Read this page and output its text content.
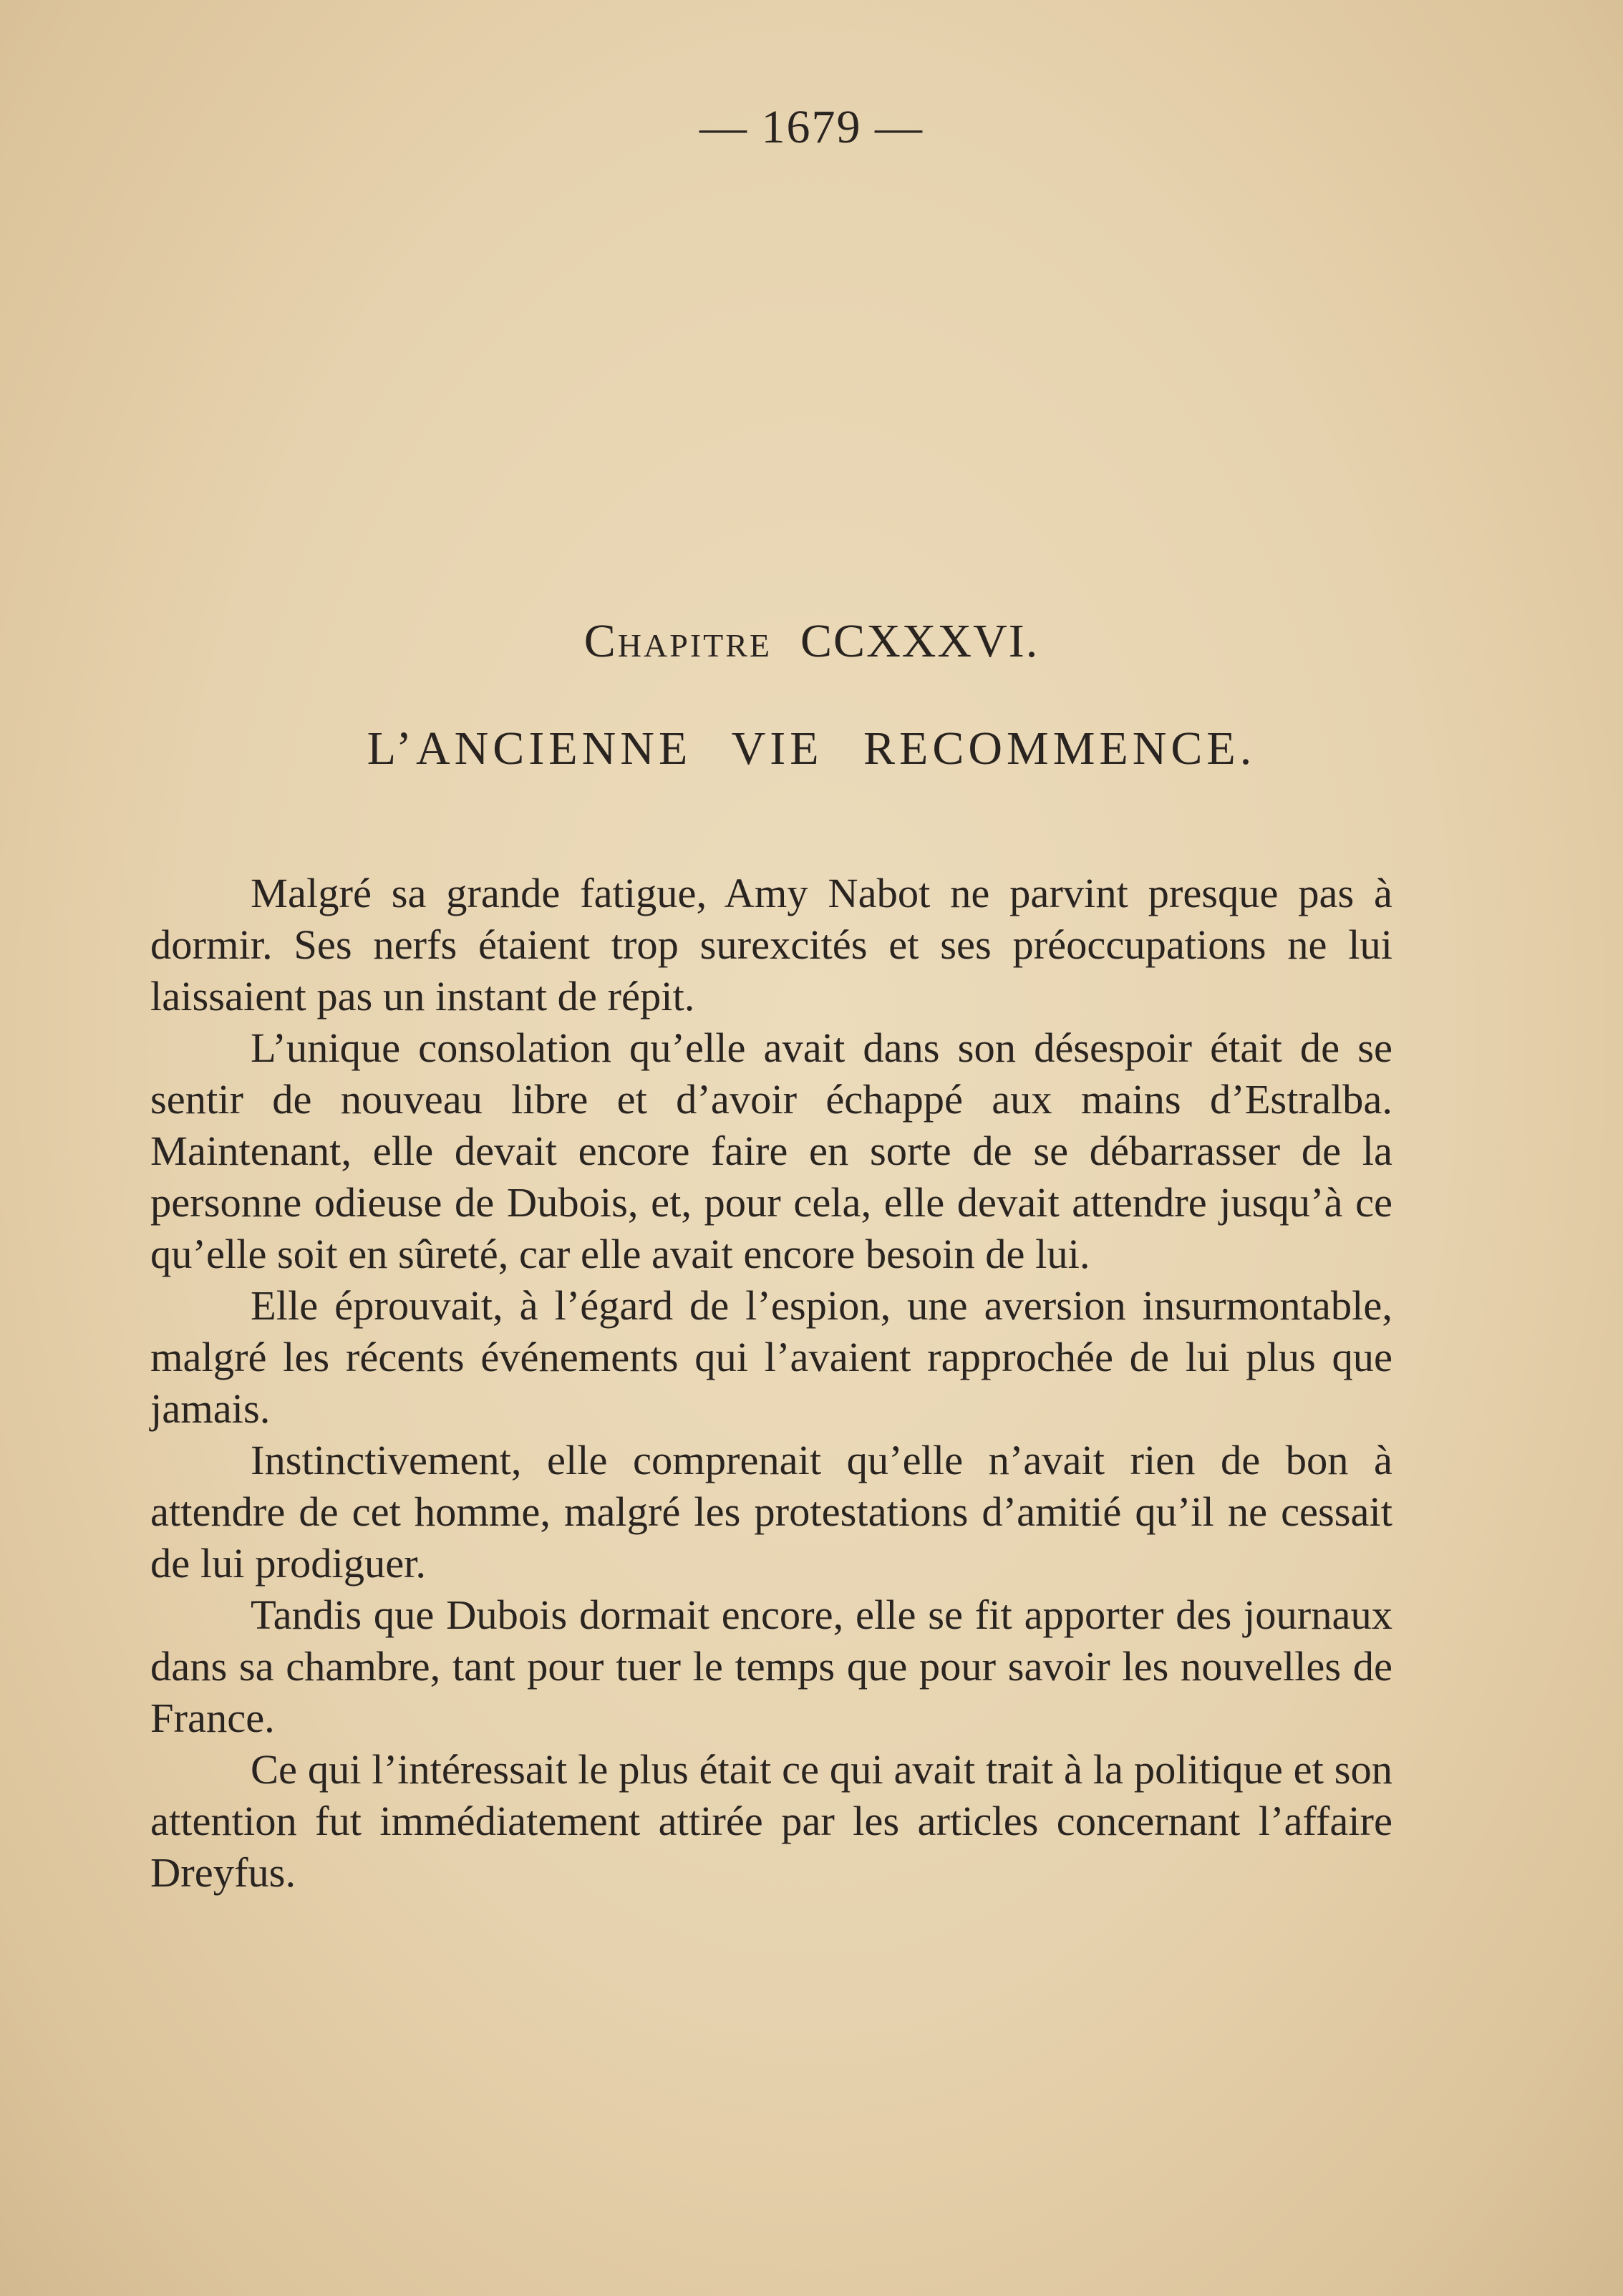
— 1679 —
Chapitre CCXXXVI.
L’ANCIENNE VIE RECOMMENCE.

Malgré sa grande fatigue, Amy Nabot ne parvint presque pas à dormir. Ses nerfs étaient trop surexcités et ses préoccupations ne lui laissaient pas un instant de répit.

L’unique consolation qu’elle avait dans son désespoir était de se sentir de nouveau libre et d’avoir échappé aux mains d’Estralba. Maintenant, elle devait encore faire en sorte de se débarrasser de la personne odieuse de Dubois, et, pour cela, elle devait attendre jusqu’à ce qu’elle soit en sûreté, car elle avait encore besoin de lui.

Elle éprouvait, à l’égard de l’espion, une aversion insurmontable, malgré les récents événements qui l’avaient rapprochée de lui plus que jamais.

Instinctivement, elle comprenait qu’elle n’avait rien de bon à attendre de cet homme, malgré les protestations d’amitié qu’il ne cessait de lui prodiguer.

Tandis que Dubois dormait encore, elle se fit apporter des journaux dans sa chambre, tant pour tuer le temps que pour savoir les nouvelles de France.

Ce qui l’intéressait le plus était ce qui avait trait à la politique et son attention fut immédiatement attirée par les articles concernant l’affaire Dreyfus.
